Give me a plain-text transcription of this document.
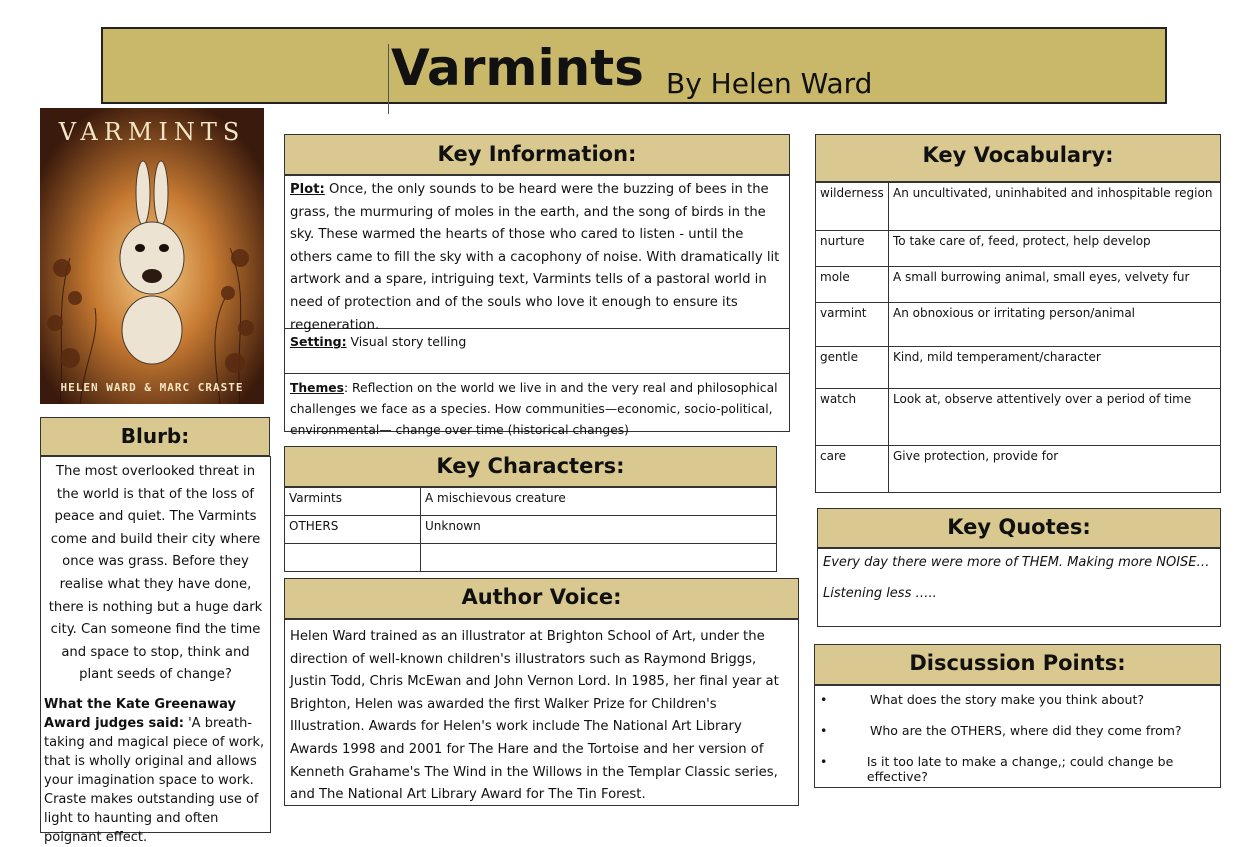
Varmints By Helen Ward
VARMINTS
HELEN WARD & MARC CRASTE
Blurb:

The most overlooked threat in the world is that of the loss of peace and quiet. The Varmints come and build their city where once was grass. Before they realise what they have done, there is nothing but a huge dark city. Can someone find the time and space to stop, think and plant seeds of change?

What the Kate Greenaway Award judges said: 'A breath-taking and magical piece of work, that is wholly original and allows your imagination space to work. Craste makes outstanding use of light to haunting and often poignant effect.
Key Information:
Plot: Once, the only sounds to be heard were the buzzing of bees in the grass, the murmuring of moles in the earth, and the song of birds in the sky. These warmed the hearts of those who cared to listen - until the others came to fill the sky with a cacophony of noise. With dramatically lit artwork and a spare, intriguing text, Varmints tells of a pastoral world in need of protection and of the souls who love it enough to ensure its regeneration.
Setting: Visual story telling
Themes: Reflection on the world we live in and the very real and philosophical challenges we face as a species. How communities—economic, socio-political, environmental— change over time (historical changes)
Key Characters:
Varmints	A mischievous creature
OTHERS	Unknown

Author Voice:
Helen Ward trained as an illustrator at Brighton School of Art, under the direction of well-known children's illustrators such as Raymond Briggs, Justin Todd, Chris McEwan and John Vernon Lord. In 1985, her final year at Brighton, Helen was awarded the first Walker Prize for Children's Illustration. Awards for Helen's work include The National Art Library Awards 1998 and 2001 for The Hare and the Tortoise and her version of Kenneth Grahame's The Wind in the Willows in the Templar Classic series, and The National Art Library Award for The Tin Forest.
Key Vocabulary:
wilderness	An uncultivated, uninhabited and inhospitable region
nurture	To take care of, feed, protect, help develop
mole	A small burrowing animal, small eyes, velvety fur
varmint	An obnoxious or irritating person/animal
gentle	Kind, mild temperament/character
watch	Look at, observe attentively over a period of time
care	Give protection, provide for
Key Quotes:
Every day there were more of THEM. Making more NOISE…
Listening less …..
Discussion Points:
•	What does the story make you think about?
•	Who are the OTHERS, where did they come from?
•	Is it too late to make a change,; could change be effective?
